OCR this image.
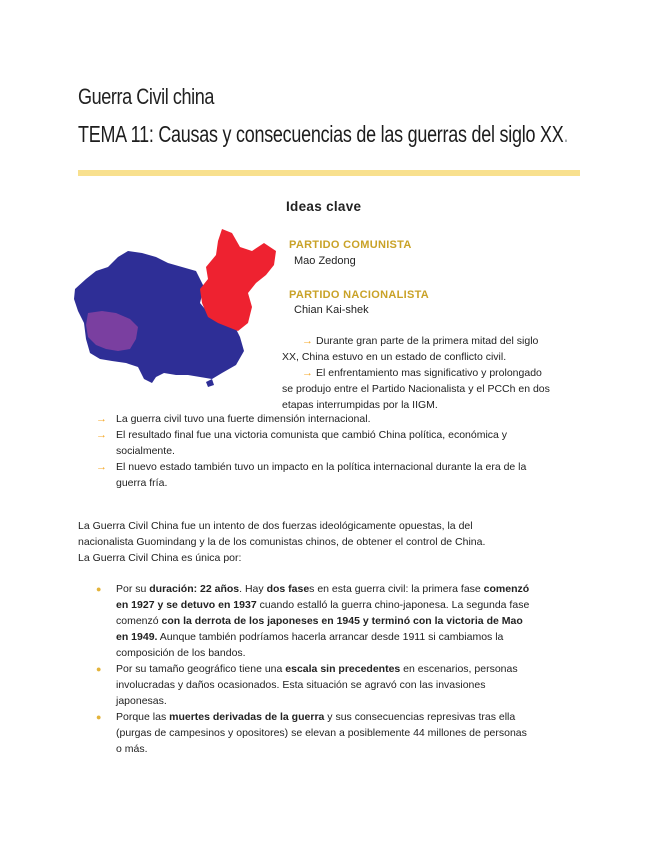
Guerra Civil china
TEMA 11: Causas y consecuencias de las guerras del siglo XX.
Ideas clave
PARTIDO COMUNISTA
Mao Zedong
PARTIDO NACIONALISTA
Chian Kai-shek
→ Durante gran parte de la primera mitad del siglo
XX, China estuvo en un estado de conflicto civil.
→ El enfrentamiento mas significativo y prolongado
se produjo entre el Partido Nacionalista y el PCCh en dos
etapas interrumpidas por la IIGM.
→ La guerra civil tuvo una fuerte dimensión internacional.
→ El resultado final fue una victoria comunista que cambió China política, económica y
socialmente.
→ El nuevo estado también tuvo un impacto en la política internacional durante la era de la
guerra fría.
La Guerra Civil China fue un intento de dos fuerzas ideológicamente opuestas, la del
nacionalista Guomindang y la de los comunistas chinos, de obtener el control de China.
La Guerra Civil China es única por:
● Por su duración: 22 años. Hay dos fases en esta guerra civil: la primera fase comenzó
en 1927 y se detuvo en 1937 cuando estalló la guerra chino-japonesa. La segunda fase
comenzó con la derrota de los japoneses en 1945 y terminó con la victoria de Mao
en 1949. Aunque también podríamos hacerla arrancar desde 1911 si cambiamos la
composición de los bandos.
● Por su tamaño geográfico tiene una escala sin precedentes en escenarios, personas
involucradas y daños ocasionados. Esta situación se agravó con las invasiones
japonesas.
● Porque las muertes derivadas de la guerra y sus consecuencias represivas tras ella
(purgas de campesinos y opositores) se elevan a posiblemente 44 millones de personas
o más.
